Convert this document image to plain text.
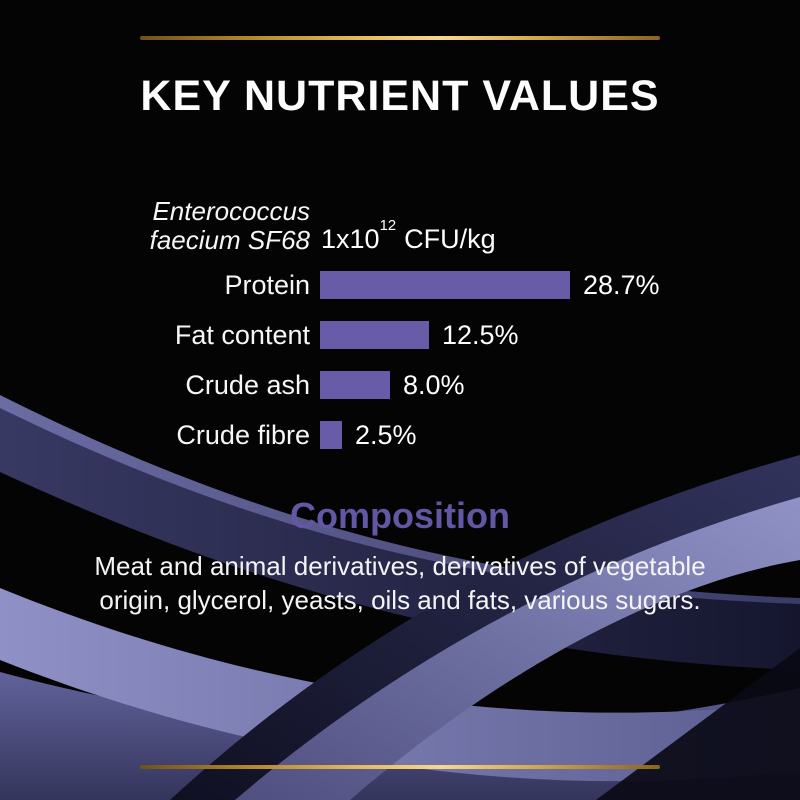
KEY NUTRIENT VALUES
Enterococcus
faecium SF68 $1x10^{12}$ CFU/kg
Protein	28.7%
Fat content	12.5%
Crude ash	8.0%
Crude fibre 2.5%
Composition

Meat and animal derivatives, derivatives of vegetable
origin, glycerol, yeasts, oils and fats, various sugars.
